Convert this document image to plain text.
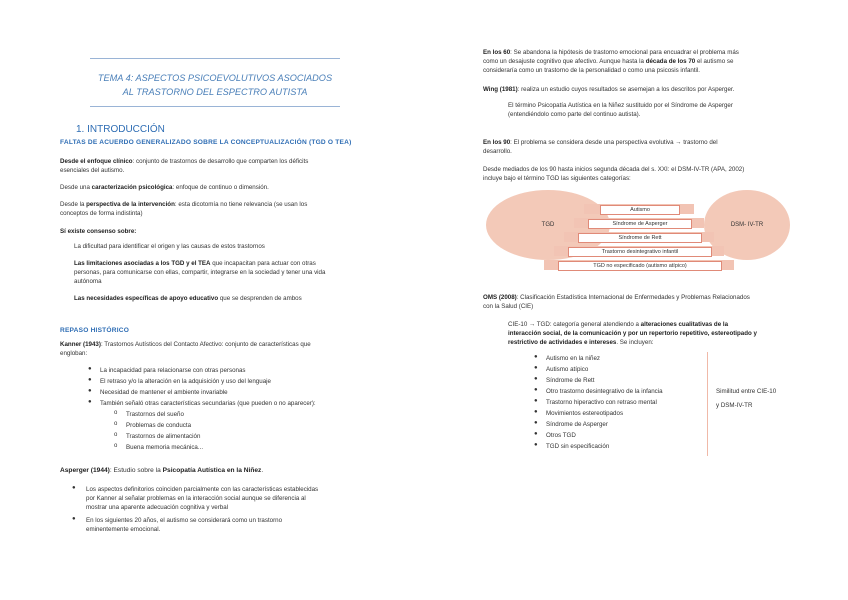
TEMA 4: ASPECTOS PSICOEVOLUTIVOS ASOCIADOS
AL TRASTORNO DEL ESPECTRO AUTISTA
1. INTRODUCCIÓN
FALTAS DE ACUERDO GENERALIZADO SOBRE LA CONCEPTUALIZACIÓN (TGD O TEA)
Desde el enfoque clínico: conjunto de trastornos de desarrollo que comparten los déficits
esenciales del autismo.
Desde una caracterización psicológica: enfoque de continuo o dimensión.
Desde la perspectiva de la intervención: esta dicotomía no tiene relevancia (se usan los
conceptos de forma indistinta)
Sí existe consenso sobre:
La dificultad para identificar el origen y las causas de estos trastornos
Las limitaciones asociadas a los TGD y el TEA que incapacitan para actuar con otras
personas, para comunicarse con ellas, compartir, integrarse en la sociedad y tener una vida
autónoma
Las necesidades específicas de apoyo educativo que se desprenden de ambos
REPASO HISTÓRICO
Kanner (1943): Trastornos Autísticos del Contacto Afectivo: conjunto de características que
engloban:
● La incapacidad para relacionarse con otras personas
● El retraso y/o la alteración en la adquisición y uso del lenguaje
● Necesidad de mantener el ambiente invariable
● También señaló otras características secundarias (que pueden o no aparecer):
o Trastornos del sueño
o Problemas de conducta
o Trastornos de alimentación
o Buena memoria mecánica...
Asperger (1944): Estudio sobre la Psicopatía Autística en la Niñez.
● Los aspectos definitorios coinciden parcialmente con las características establecidas
por Kanner al señalar problemas en la interacción social aunque se diferencia al
mostrar una aparente adecuación cognitiva y verbal
● En los siguientes 20 años, el autismo se considerará como un trastorno
eminentemente emocional.
En los 60: Se abandona la hipótesis de trastorno emocional para encuadrar el problema más
como un desajuste cognitivo que afectivo. Aunque hasta la década de los 70 el autismo se
consideraría como un trastorno de la personalidad o como una psicosis infantil.
Wing (1981): realiza un estudio cuyos resultados se asemejan a los descritos por Asperger.
El término Psicopatía Autística en la Niñez sustituido por el Síndrome de Asperger
(entendiéndolo como parte del continuo autista).
En los 90: El problema se considera desde una perspectiva evolutiva → trastorno del
desarrollo.
Desde mediados de los 90 hasta inicios segunda década del s. XXI: el DSM-IV-TR (APA, 2002)
incluye bajo el término TGD las siguientes categorías:
TGD	DSM- IV-TR
Autismo
Síndrome de Asperger
Síndrome de Rett
Trastorno desintegrativo infantil
TGD no especificado (autismo atípico)
OMS (2008): Clasificación Estadística Internacional de Enfermedades y Problemas Relacionados
con la Salud (CIE)
CIE-10 → TGD: categoría general atendiendo a alteraciones cualitativas de la
interacción social, de la comunicación y por un repertorio repetitivo, estereotipado y
restrictivo de actividades e intereses. Se incluyen:
● Autismo en la niñez
● Autismo atípico
● Síndrome de Rett
● Otro trastorno desintegrativo de la infancia
● Trastorno hiperactivo con retraso mental
● Movimientos estereotipados
● Síndrome de Asperger
● Otros TGD
● TGD sin especificación
Similitud entre CIE-10
y DSM-IV-TR
